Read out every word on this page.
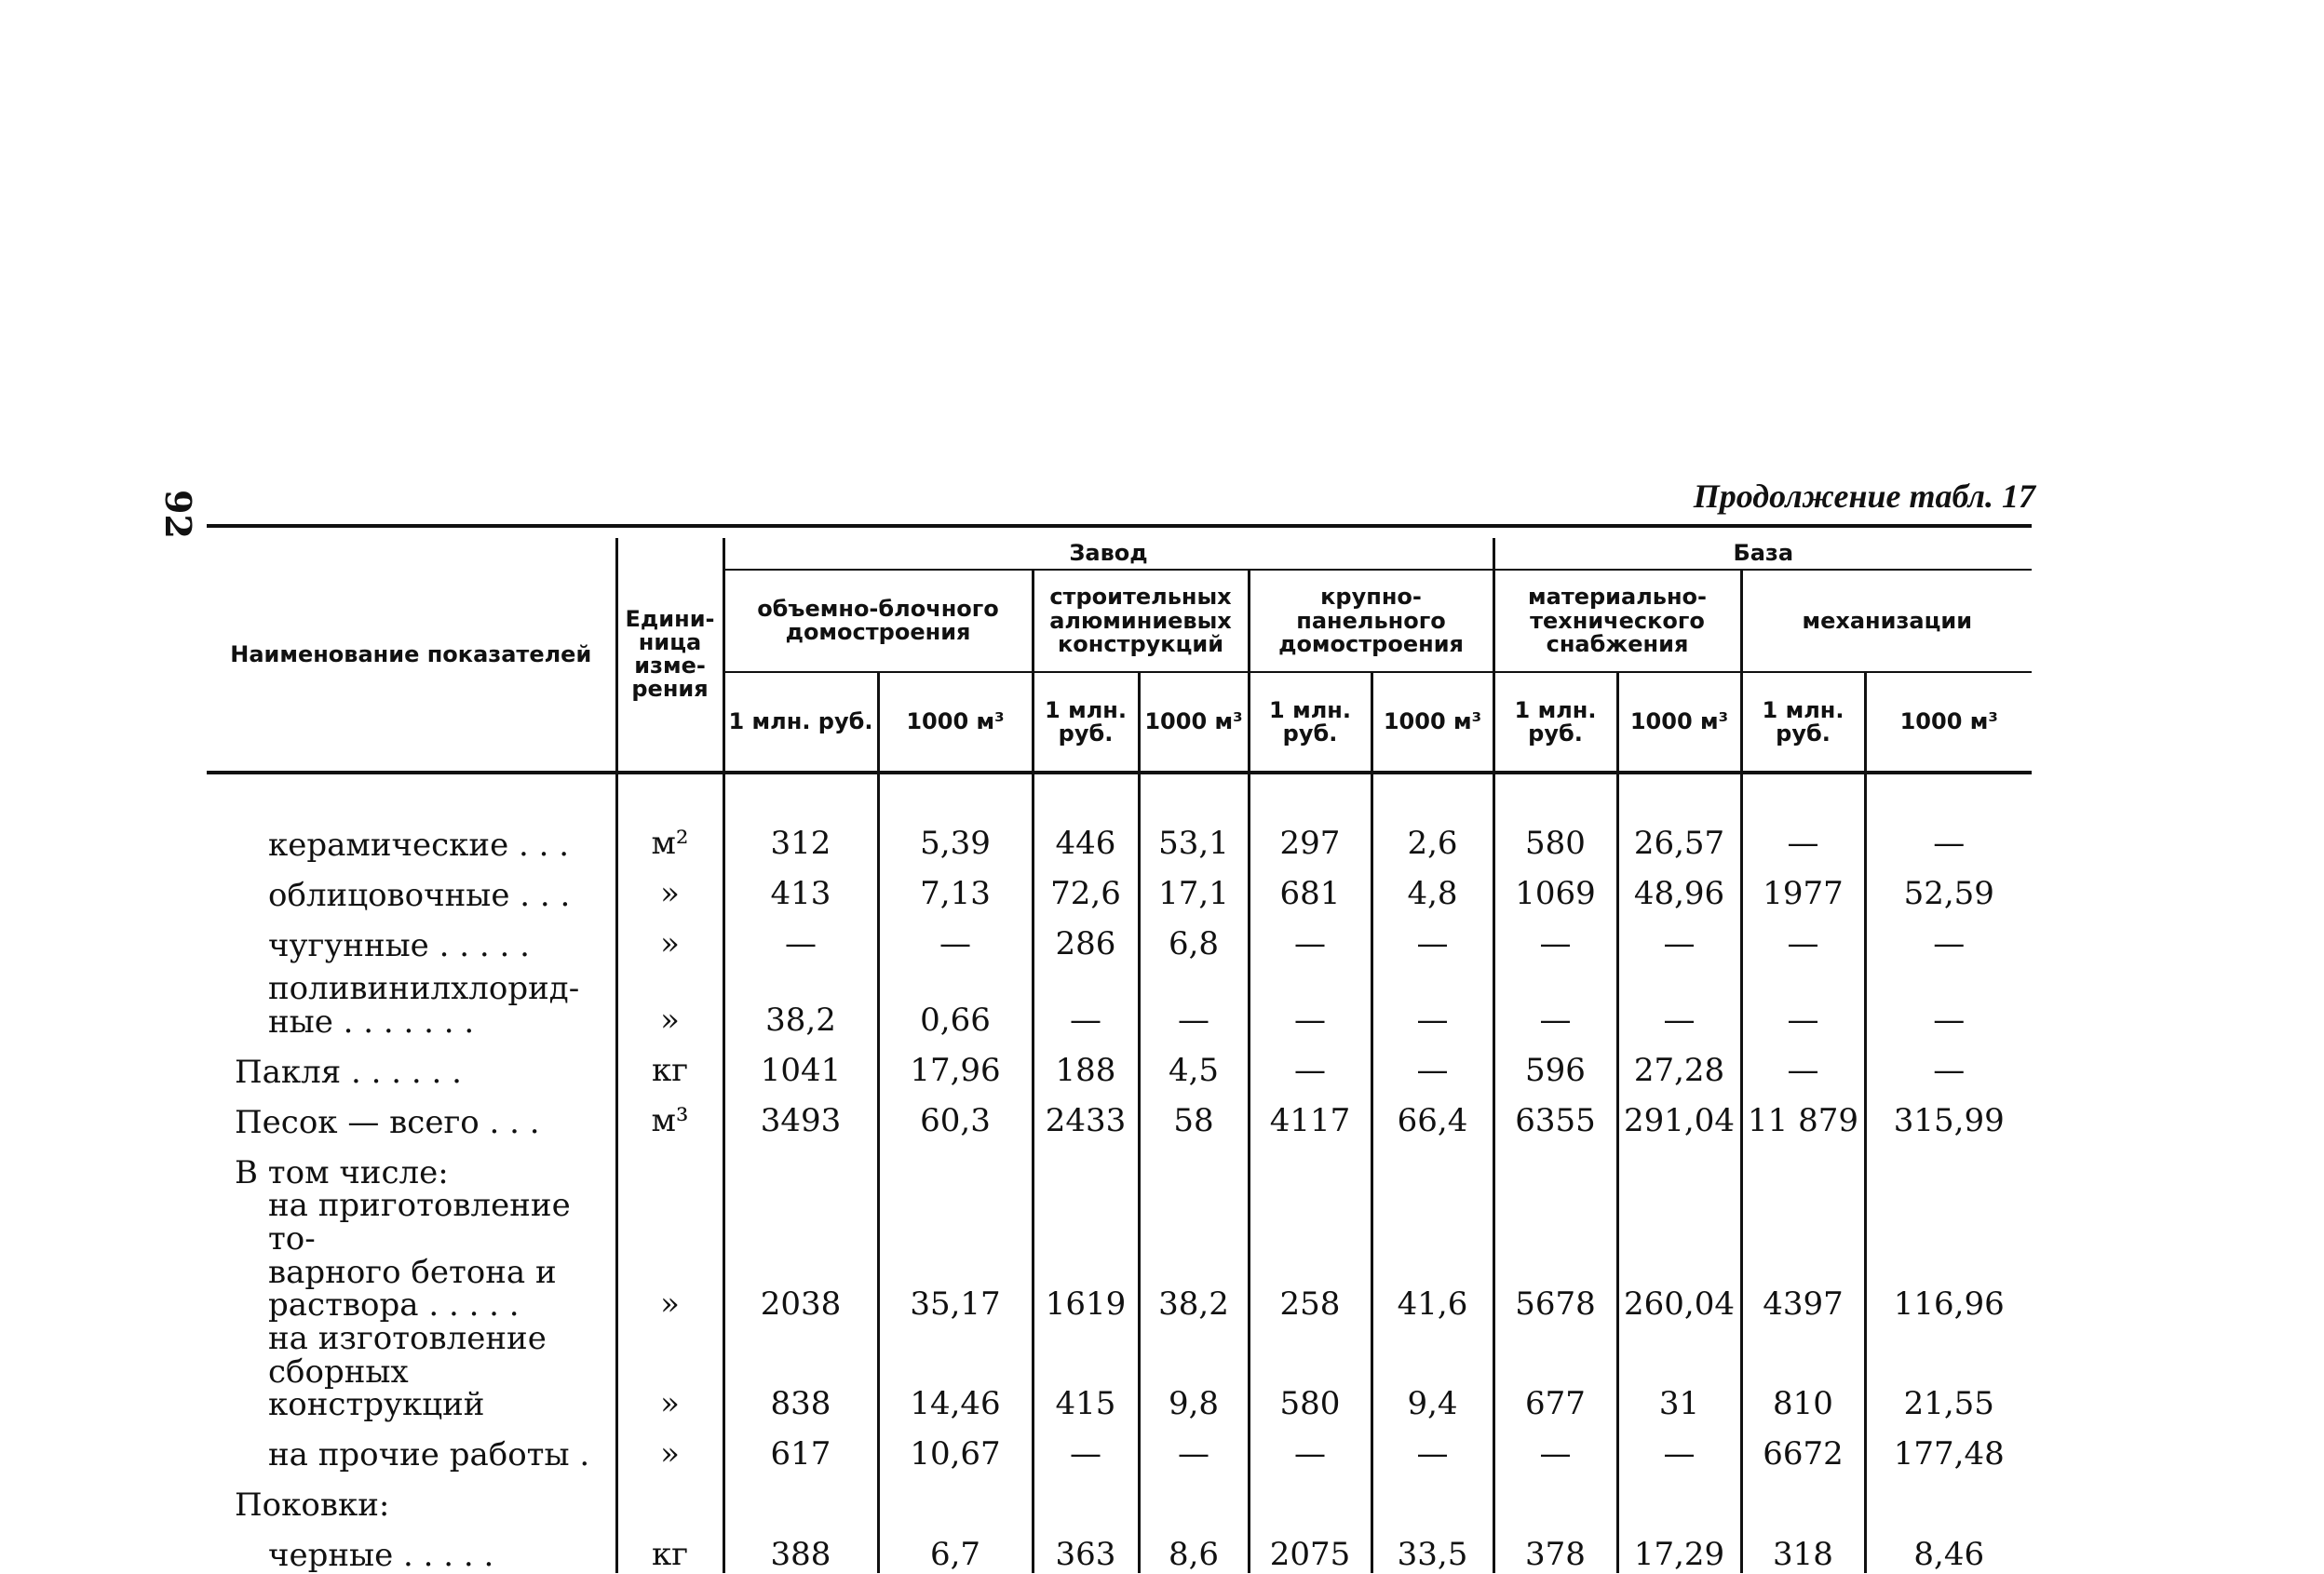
92	Продолжение табл. 17
Наименование показателей	Едини-ница изме-рения	Завод						База			
		объемно-блочного домостроения		строительных алюминиевых конструкций		крупно-панельного домостроения		материально-технического снабжения		механизации	
		1 млн. руб.	1000 м³	1 млн. руб.	1000 м³	1 млн. руб.	1000 м³	1 млн. руб.	1000 м³	1 млн. руб.	1000 м³
керамические . . .	м²	312	5,39	446	53,1	297	2,6	580	26,57	—	—
облицовочные . . .	»	413	7,13	72,6	17,1	681	4,8	1069	48,96	1977	52,59
чугунные . . . . .	»	—	—	286	6,8	—	—	—	—	—	—
поливинилхлорид-
ные . . . . . . .	»	38,2	0,66	—	—	—	—	—	—	—	—
Пакля . . . . . .	кг	1041	17,96	188	4,5	—	—	596	27,28	—	—
Песок — всего . . .	м³	3493	60,3	2433	58	4117	66,4	6355	291,04	11 879	315,99
В том числе:											
на приготовление то-
варного бетона и
раствора . . . . .	»	2038	35,17	1619	38,2	258	41,6	5678	260,04	4397	116,96
на изготовление
сборных конструкций	»	838	14,46	415	9,8	580	9,4	677	31	810	21,55
на прочие работы .	»	617	10,67	—	—	—	—	—	—	6672	177,48
Поковки:											
черные . . . . .	кг	388	6,7	363	8,6	2075	33,5	378	17,29	318	8,46
